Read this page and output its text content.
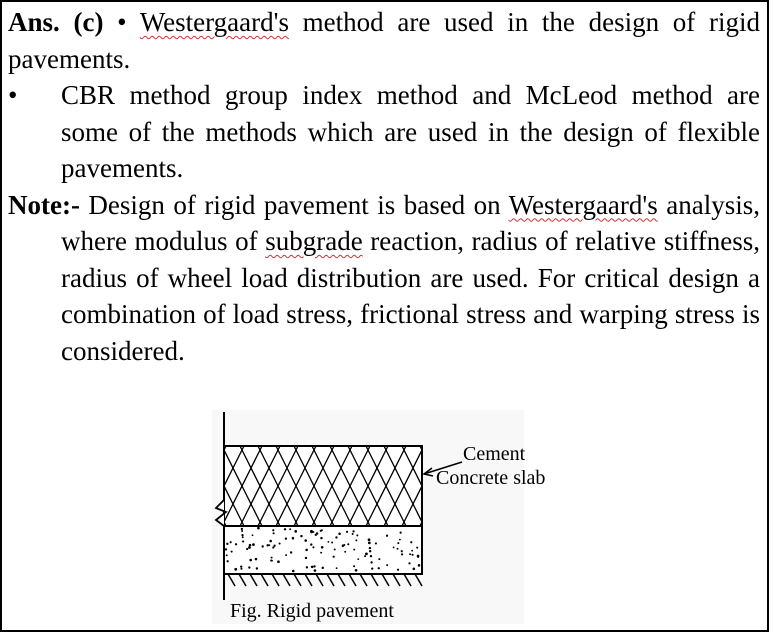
Ans. (c) • Westergaard's method are used in the design of rigid pavements.

• CBR method group index method and McLeod method are some of the methods which are used in the design of flexible pavements.

Note:- Design of rigid pavement is based on Westergaard's analysis, where modulus of subgrade reaction, radius of relative stiffness, radius of wheel load distribution are used. For critical design a combination of load stress, frictional stress and warping stress is considered.

Cement
Concrete slab
Fig. Rigid pavement
